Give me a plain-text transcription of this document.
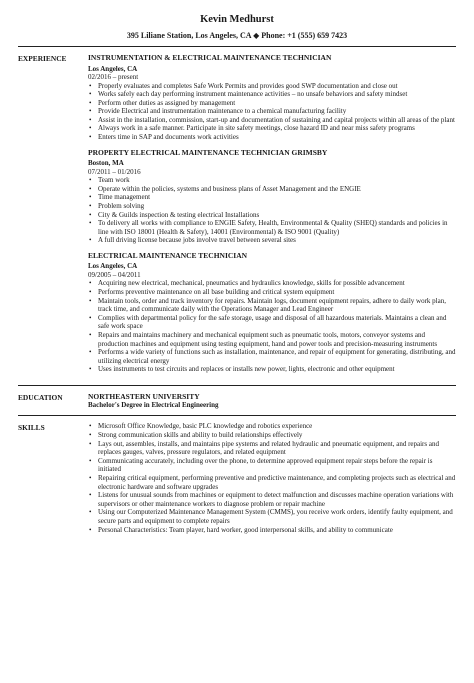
Kevin Medhurst
395 Liliane Station, Los Angeles, CA ◆ Phone: +1 (555) 659 7423
EXPERIENCE	INSTRUMENTATION & ELECTRICAL MAINTENANCE TECHNICIAN
Los Angeles, CA
02/2016 – present
• Properly evaluates and completes Safe Work Permits and provides good SWP documentation and close out
• Works safely each day performing instrument maintenance activities – no unsafe behaviors and safety mindset
• Perform other duties as assigned by management
• Provide Electrical and instrumentation maintenance to a chemical manufacturing facility
• Assist in the installation, commission, start-up and documentation of sustaining and capital projects within all areas of the plant
• Always work in a safe manner. Participate in site safety meetings, close hazard ID and near miss safety programs
• Enters time in SAP and documents work activities
PROPERTY ELECTRICAL MAINTENANCE TECHNICIAN GRIMSBY
Boston, MA
07/2011 – 01/2016
• Team work
• Operate within the policies, systems and business plans of Asset Management and the ENGIE
• Time management
• Problem solving
• City & Guilds inspection & testing electrical Installations
• To delivery all works with compliance to ENGIE Safety, Health, Environmental & Quality (SHEQ) standards and policies in line with ISO 18001 (Health & Safety), 14001 (Environmental) & ISO 9001 (Quality)
• A full driving license because jobs involve travel between several sites
ELECTRICAL MAINTENANCE TECHNICIAN
Los Angeles, CA
09/2005 – 04/2011
• Acquiring new electrical, mechanical, pneumatics and hydraulics knowledge, skills for possible advancement
• Performs preventive maintenance on all base building and critical system equipment
• Maintain tools, order and track inventory for repairs. Maintain logs, document equipment repairs, adhere to daily work plan, track time, and communicate daily with the Operations Manager and Lead Engineer
• Complies with departmental policy for the safe storage, usage and disposal of all hazardous materials. Maintains a clean and safe work space
• Repairs and maintains machinery and mechanical equipment such as pneumatic tools, motors, conveyor systems and production machines and equipment using testing equipment, hand and power tools and precision-measuring instruments
• Performs a wide variety of functions such as installation, maintenance, and repair of equipment for generating, distributing, and utilizing electrical energy
• Uses instruments to test circuits and replaces or installs new power, lights, electronic and other equipment
EDUCATION	NORTHEASTERN UNIVERSITY
Bachelor's Degree in Electrical Engineering
SKILLS
•	Microsoft Office Knowledge, basic PLC knowledge and robotics experience
• Strong communication skills and ability to build relationships effectively
• Lays out, assembles, installs, and maintains pipe systems and related hydraulic and pneumatic equipment, and repairs and replaces gauges, valves, pressure regulators, and related equipment
• Communicating accurately, including over the phone, to determine approved equipment repair steps before the repair is initiated
• Repairing critical equipment, performing preventive and predictive maintenance, and completing projects such as electrical and electronic hardware and software upgrades
• Listens for unusual sounds from machines or equipment to detect malfunction and discusses machine operation variations with supervisors or other maintenance workers to diagnose problem or repair machine
• Using our Computerized Maintenance Management System (CMMS), you receive work orders, identify faulty equipment, and secure parts and equipment to complete repairs
• Personal Characteristics: Team player, hard worker, good interpersonal skills, and ability to communicate
